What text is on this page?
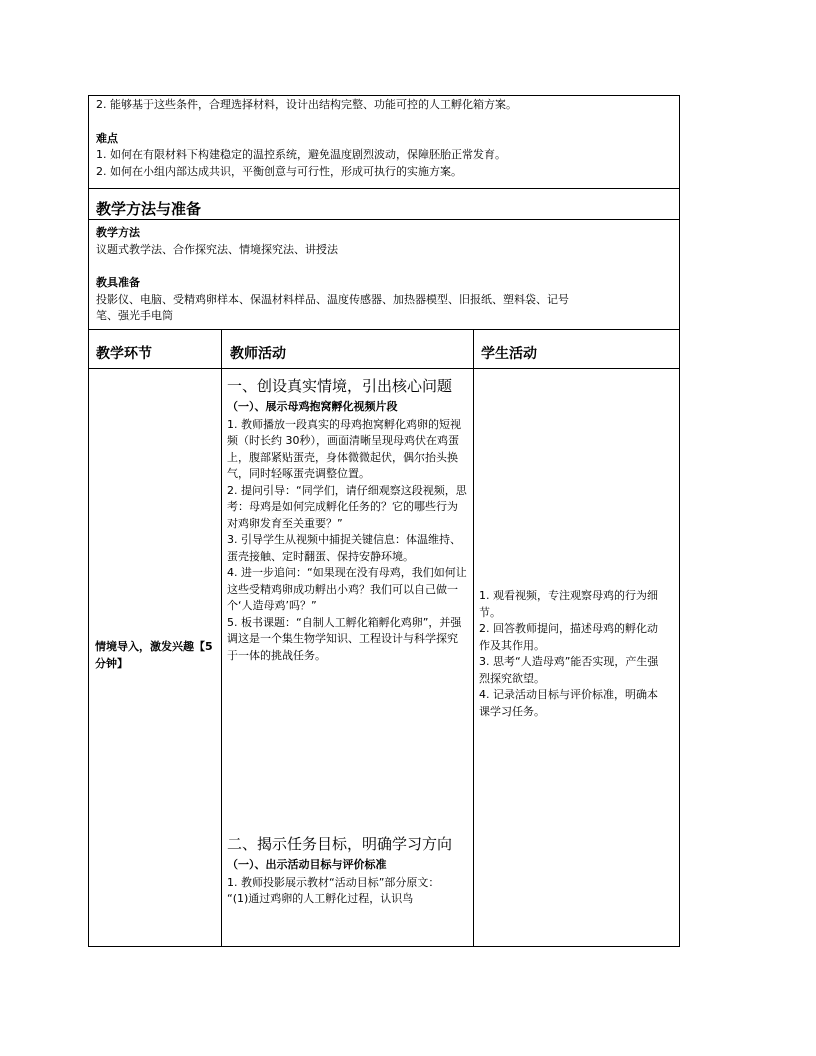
2. 能够基于这些条件，合理选择材料，设计出结构完整、功能可控的人工孵化箱方案。

难点

1. 如何在有限材料下构建稳定的温控系统，避免温度剧烈波动，保障胚胎正常发育。

2. 如何在小组内部达成共识，平衡创意与可行性，形成可执行的实施方案。

教学方法与准备

教学方法

议题式教学法、合作探究法、情境探究法、讲授法

教具准备

投影仪、电脑、受精鸡卵样本、保温材料样品、温度传感器、加热器模型、旧报纸、塑料袋、记号

笔、强光手电筒

教学环节	教师活动	学生活动

情境导入，激发兴趣【5分钟】

一、创设真实情境，引出核心问题

（一）、展示母鸡抱窝孵化视频片段

1. 教师播放一段真实的母鸡抱窝孵化鸡卵的短视频（时长约 30秒），画面清晰呈现母鸡伏在鸡蛋上，腹部紧贴蛋壳，身体微微起伏，偶尔抬头换气，同时轻啄蛋壳调整位置。

2. 提问引导：“同学们，请仔细观察这段视频，思考：母鸡是如何完成孵化任务的？它的哪些行为对鸡卵发育至关重要？”

3. 引导学生从视频中捕捉关键信息：体温维持、蛋壳接触、定时翻蛋、保持安静环境。

4. 进一步追问：“如果现在没有母鸡，我们如何让这些受精鸡卵成功孵出小鸡？我们可以自己做一个‘人造母鸡’吗？”

5. 板书课题：“自制人工孵化箱孵化鸡卵”，并强调这是一个集生物学知识、工程设计与科学探究于一体的挑战任务。

二、揭示任务目标，明确学习方向

（一）、出示活动目标与评价标准

1. 教师投影展示教材“活动目标”部分原文：

“(1)通过鸡卵的人工孵化过程，认识鸟

1. 观看视频，专注观察母鸡的行为细节。

2. 回答教师提问，描述母鸡的孵化动作及其作用。

3. 思考“人造母鸡”能否实现，产生强烈探究欲望。

4. 记录活动目标与评价标准，明确本课学习任务。
